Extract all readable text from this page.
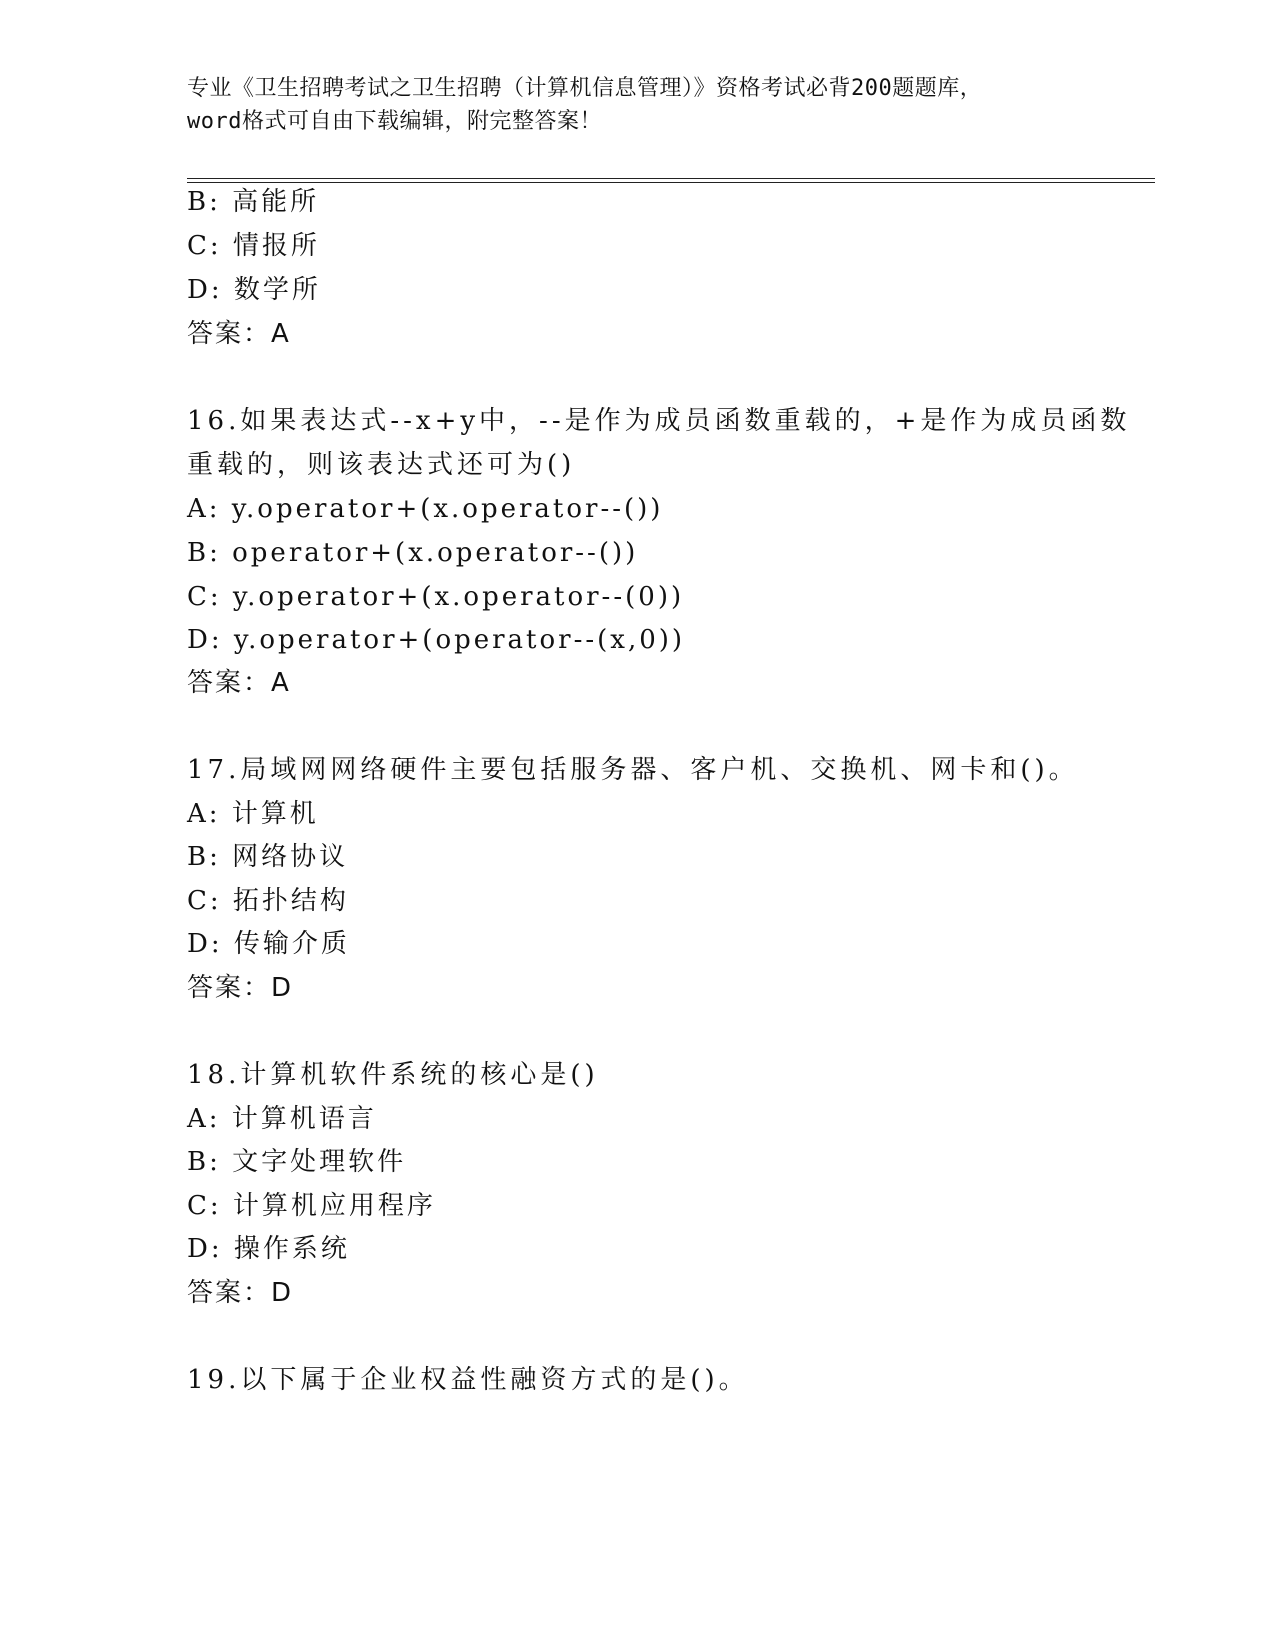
专业《卫生招聘考试之卫生招聘（计算机信息管理）》资格考试必背200题题库，
word格式可自由下载编辑，附完整答案！
B: 高能所
C: 情报所
D: 数学所
答案：A
16.如果表达式--x+y中，--是作为成员函数重载的，+是作为成员函数
重载的，则该表达式还可为()
A: y.operator+(x.operator--())
B: operator+(x.operator--())
C: y.operator+(x.operator--(0))
D: y.operator+(operator--(x,0))
答案：A
17.局域网网络硬件主要包括服务器、客户机、交换机、网卡和()。
A: 计算机
B: 网络协议
C: 拓扑结构
D: 传输介质
答案：D
18.计算机软件系统的核心是()
A: 计算机语言
B: 文字处理软件
C: 计算机应用程序
D: 操作系统
答案：D
19.以下属于企业权益性融资方式的是()。
